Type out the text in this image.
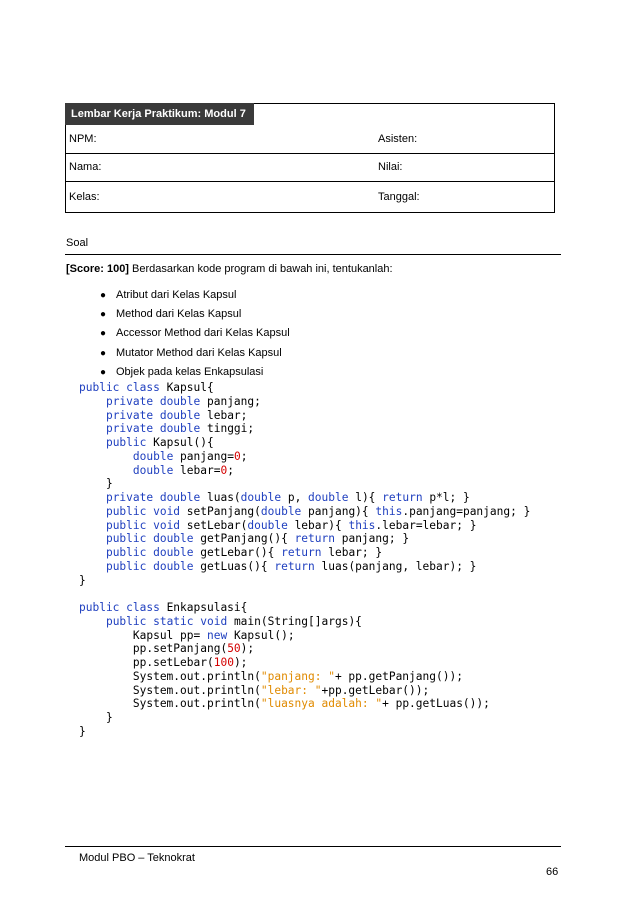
Lembar Kerja Praktikum: Modul 7
NPM:	Asisten:
Nama:	Nilai:
Kelas:	Tanggal:
Soal
[Score: 100] Berdasarkan kode program di bawah ini, tentukanlah:
● Atribut dari Kelas Kapsul
● Method dari Kelas Kapsul
● Accessor Method dari Kelas Kapsul
● Mutator Method dari Kelas Kapsul
● Objek pada kelas Enkapsulasi
public class Kapsul{
private double panjang;
private double lebar;
private double tinggi;
public Kapsul(){
double panjang=0;
double lebar=0;
}
private double luas(double p, double l){ return p*l; }
public void setPanjang(double panjang){ this.panjang=panjang; }
public void setLebar(double lebar){ this.lebar=lebar; }
public double getPanjang(){ return panjang; }
public double getLebar(){ return lebar; }
public double getLuas(){ return luas(panjang, lebar); }
}

public class Enkapsulasi{
public static void main(String[]args){
Kapsul pp= new Kapsul();
pp.setPanjang(50);
pp.setLebar(100);
System.out.println("panjang: "+ pp.getPanjang());
System.out.println("lebar: "+pp.getLebar());
System.out.println("luasnya adalah: "+ pp.getLuas());
}
}
Modul PBO – Teknokrat
66
